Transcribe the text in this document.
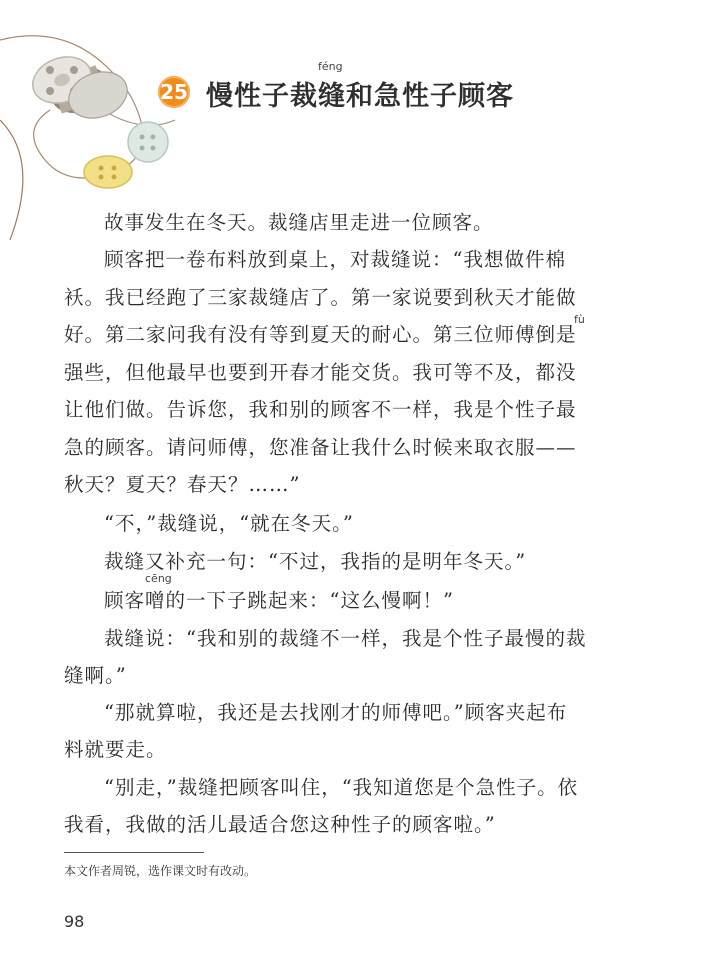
25
féng
慢性子裁缝和急性子顾客
fù
cēng
故事发生在冬天。裁缝店里走进一位顾客。
顾客把一卷布料放到桌上，对裁缝说：“我想做件棉
袄。我已经跑了三家裁缝店了。第一家说要到秋天才能做
好。第二家问我有没有等到夏天的耐心。第三位师傅倒是
强些，但他最早也要到开春才能交货。我可等不及，都没
让他们做。告诉您，我和别的顾客不一样，我是个性子最
急的顾客。请问师傅，您准备让我什么时候来取衣服——
秋天？夏天？春天？……”
“不，”裁缝说，“就在冬天。”
裁缝又补充一句：“不过，我指的是明年冬天。”
顾客噌的一下子跳起来：“这么慢啊！”
裁缝说：“我和别的裁缝不一样，我是个性子最慢的裁
缝啊。”
“那就算啦，我还是去找刚才的师傅吧。”顾客夹起布
料就要走。
“别走，”裁缝把顾客叫住，“我知道您是个急性子。依
我看，我做的活儿最适合您这种性子的顾客啦。”
本文作者周锐，选作课文时有改动。
98
